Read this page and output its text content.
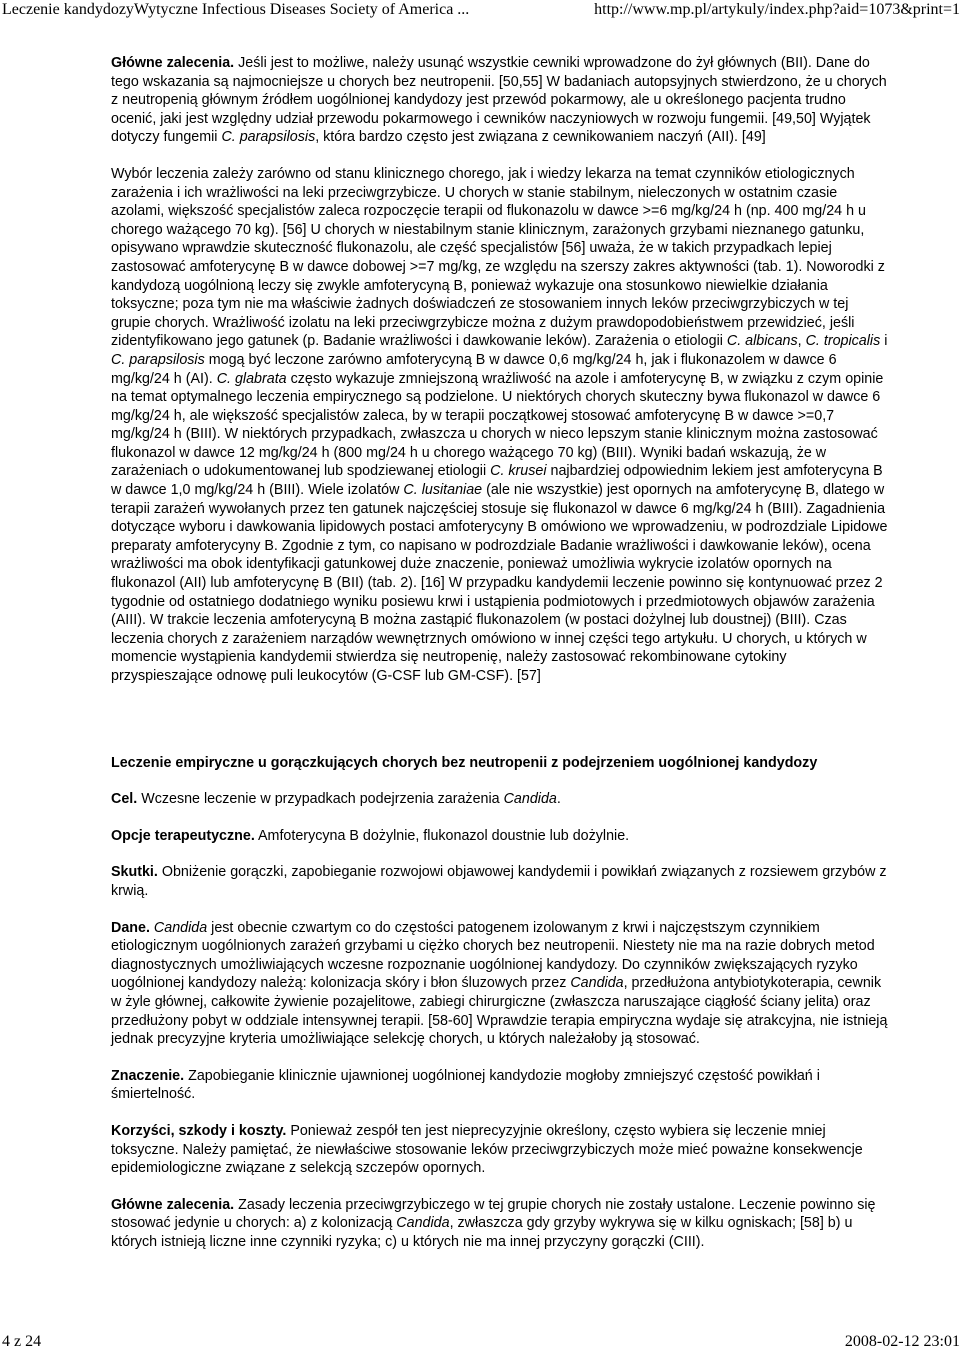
Leczenie kandydozyWytyczne Infectious Diseases Society of America ...	http://www.mp.pl/artykuly/index.php?aid=1073&print=1

Główne zalecenia. Jeśli jest to możliwe, należy usunąć wszystkie cewniki wprowadzone do żył głównych (BII). Dane do tego wskazania są najmocniejsze u chorych bez neutropenii. [50,55] W badaniach autopsyjnych stwierdzono, że u chorych z neutropenią głównym źródłem uogólnionej kandydozy jest przewód pokarmowy, ale u określonego pacjenta trudno ocenić, jaki jest względny udział przewodu pokarmowego i cewników naczyniowych w rozwoju fungemii. [49,50] Wyjątek dotyczy fungemii C. parapsilosis, która bardzo często jest związana z cewnikowaniem naczyń (AII). [49]

Wybór leczenia zależy zarówno od stanu klinicznego chorego, jak i wiedzy lekarza na temat czynników etiologicznych zarażenia i ich wrażliwości na leki przeciwgrzybicze. U chorych w stanie stabilnym, nieleczonych w ostatnim czasie azolami, większość specjalistów zaleca rozpoczęcie terapii od flukonazolu w dawce >=6 mg/kg/24 h (np. 400 mg/24 h u chorego ważącego 70 kg). [56] U chorych w niestabilnym stanie klinicznym, zarażonych grzybami nieznanego gatunku, opisywano wprawdzie skuteczność flukonazolu, ale część specjalistów [56] uważa, że w takich przypadkach lepiej zastosować amfoterycynę B w dawce dobowej >=7 mg/kg, ze względu na szerszy zakres aktywności (tab. 1). Noworodki z kandydozą uogólnioną leczy się zwykle amfoterycyną B, ponieważ wykazuje ona stosunkowo niewielkie działania toksyczne; poza tym nie ma właściwie żadnych doświadczeń ze stosowaniem innych leków przeciwgrzybiczych w tej grupie chorych. Wrażliwość izolatu na leki przeciwgrzybicze można z dużym prawdopodobieństwem przewidzieć, jeśli zidentyfikowano jego gatunek (p. Badanie wrażliwości i dawkowanie leków). Zarażenia o etiologii C. albicans, C. tropicalis i C. parapsilosis mogą być leczone zarówno amfoterycyną B w dawce 0,6 mg/kg/24 h, jak i flukonazolem w dawce 6 mg/kg/24 h (AI). C. glabrata często wykazuje zmniejszoną wrażliwość na azole i amfoterycynę B, w związku z czym opinie na temat optymalnego leczenia empirycznego są podzielone. U niektórych chorych skuteczny bywa flukonazol w dawce 6 mg/kg/24 h, ale większość specjalistów zaleca, by w terapii początkowej stosować amfoterycynę B w dawce >=0,7 mg/kg/24 h (BIII). W niektórych przypadkach, zwłaszcza u chorych w nieco lepszym stanie klinicznym można zastosować flukonazol w dawce 12 mg/kg/24 h (800 mg/24 h u chorego ważącego 70 kg) (BIII). Wyniki badań wskazują, że w zarażeniach o udokumentowanej lub spodziewanej etiologii C. krusei najbardziej odpowiednim lekiem jest amfoterycyna B w dawce 1,0 mg/kg/24 h (BIII). Wiele izolatów C. lusitaniae (ale nie wszystkie) jest opornych na amfoterycynę B, dlatego w terapii zarażeń wywołanych przez ten gatunek najczęściej stosuje się flukonazol w dawce 6 mg/kg/24 h (BIII). Zagadnienia dotyczące wyboru i dawkowania lipidowych postaci amfoterycyny B omówiono we wprowadzeniu, w podrozdziale Lipidowe preparaty amfoterycyny B. Zgodnie z tym, co napisano w podrozdziale Badanie wrażliwości i dawkowanie leków), ocena wrażliwości ma obok identyfikacji gatunkowej duże znaczenie, ponieważ umożliwia wykrycie izolatów opornych na flukonazol (AII) lub amfoterycynę B (BII) (tab. 2). [16] W przypadku kandydemii leczenie powinno się kontynuować przez 2 tygodnie od ostatniego dodatniego wyniku posiewu krwi i ustąpienia podmiotowych i przedmiotowych objawów zarażenia (AIII). W trakcie leczenia amfoterycyną B można zastąpić flukonazolem (w postaci dożylnej lub doustnej) (BIII). Czas leczenia chorych z zarażeniem narządów wewnętrznych omówiono w innej części tego artykułu. U chorych, u których w momencie wystąpienia kandydemii stwierdza się neutropenię, należy zastosować rekombinowane cytokiny przyspieszające odnowę puli leukocytów (G-CSF lub GM-CSF). [57]

Leczenie empiryczne u gorączkujących chorych bez neutropenii z podejrzeniem uogólnionej kandydozy

Cel. Wczesne leczenie w przypadkach podejrzenia zarażenia Candida.

Opcje terapeutyczne. Amfoterycyna B dożylnie, flukonazol doustnie lub dożylnie.

Skutki. Obniżenie gorączki, zapobieganie rozwojowi objawowej kandydemii i powikłań związanych z rozsiewem grzybów z krwią.

Dane. Candida jest obecnie czwartym co do częstości patogenem izolowanym z krwi i najczęstszym czynnikiem etiologicznym uogólnionych zarażeń grzybami u ciężko chorych bez neutropenii. Niestety nie ma na razie dobrych metod diagnostycznych umożliwiających wczesne rozpoznanie uogólnionej kandydozy. Do czynników zwiększających ryzyko uogólnionej kandydozy należą: kolonizacja skóry i błon śluzowych przez Candida, przedłużona antybiotykoterapia, cewnik w żyle głównej, całkowite żywienie pozajelitowe, zabiegi chirurgiczne (zwłaszcza naruszające ciągłość ściany jelita) oraz przedłużony pobyt w oddziale intensywnej terapii. [58-60] Wprawdzie terapia empiryczna wydaje się atrakcyjna, nie istnieją jednak precyzyjne kryteria umożliwiające selekcję chorych, u których należałoby ją stosować.

Znaczenie. Zapobieganie klinicznie ujawnionej uogólnionej kandydozie mogłoby zmniejszyć częstość powikłań i śmiertelność.

Korzyści, szkody i koszty. Ponieważ zespół ten jest nieprecyzyjnie określony, często wybiera się leczenie mniej toksyczne. Należy pamiętać, że niewłaściwe stosowanie leków przeciwgrzybiczych może mieć poważne konsekwencje epidemiologiczne związane z selekcją szczepów opornych.

Główne zalecenia. Zasady leczenia przeciwgrzybiczego w tej grupie chorych nie zostały ustalone. Leczenie powinno się stosować jedynie u chorych: a) z kolonizacją Candida, zwłaszcza gdy grzyby wykrywa się w kilku ogniskach; [58] b) u których istnieją liczne inne czynniki ryzyka; c) u których nie ma innej przyczyny gorączki (CIII).

4 z 24	2008-02-12 23:01
